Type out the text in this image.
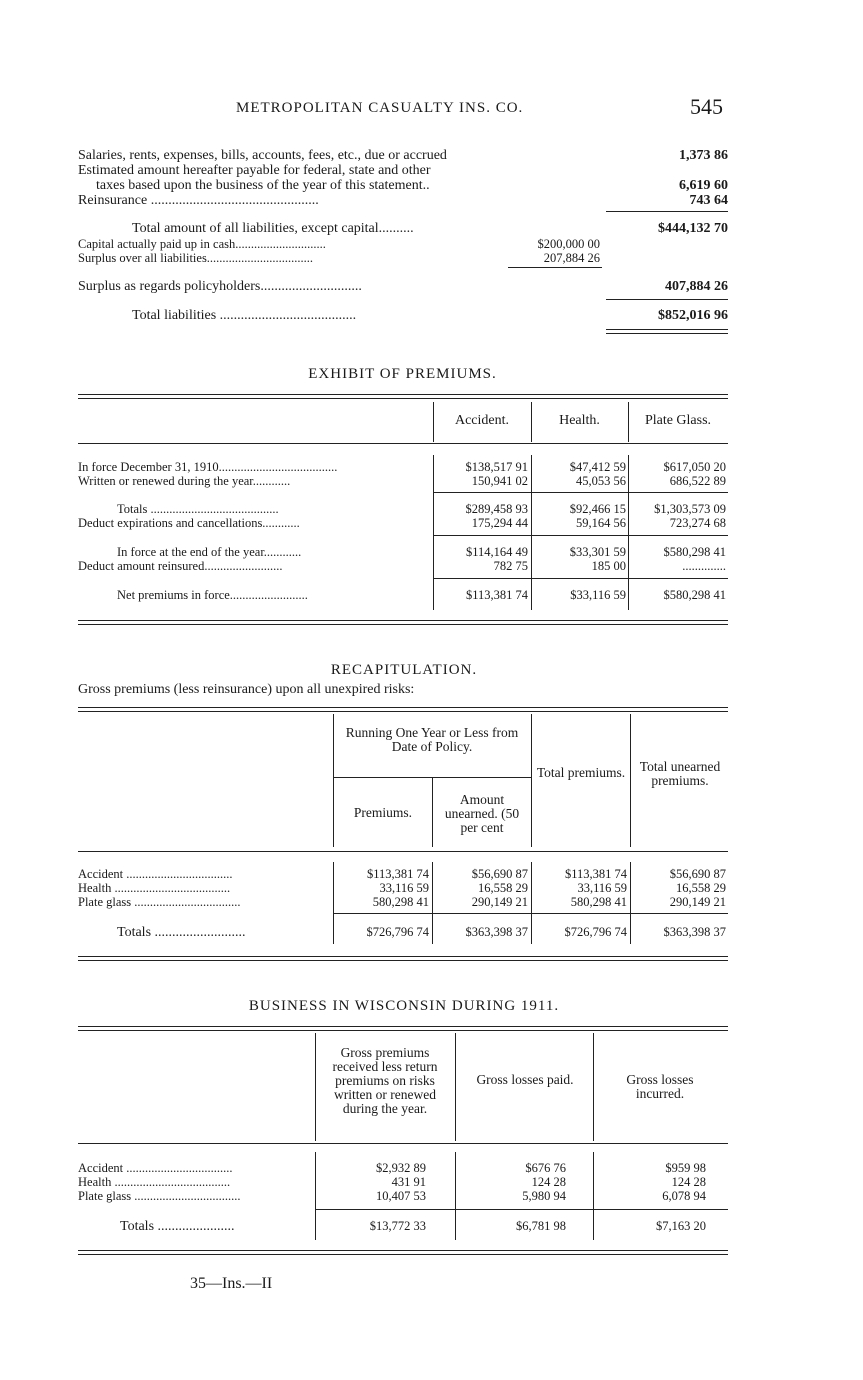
METROPOLITAN CASUALTY INS. CO.	545
Salaries, rents, expenses, bills, accounts, fees, etc., due or accrued	1,373 86
Estimated amount hereafter payable for federal, state and other
taxes based upon the business of the year of this statement..	6,619 60
Reinsurance ................................................	743 64
Total amount of all liabilities, except capital..........	$444,132 70
Capital actually paid up in cash.............................	$200,000 00
Surplus over all liabilities..................................	207,884 26
Surplus as regards policyholders.............................	407,884 26
Total liabilities .......................................	$852,016 96
EXHIBIT OF PREMIUMS.
Accident.	Health.	Plate Glass.
In force December 31, 1910......................................	$138,517 91	$47,412 59	$617,050 20
Written or renewed during the year............	150,941 02	45,053 56	686,522 89
Totals .........................................	$289,458 93	$92,466 15	$1,303,573 09
Deduct expirations and cancellations............	175,294 44	59,164 56	723,274 68
In force at the end of the year............	$114,164 49	$33,301 59	$580,298 41
Deduct amount reinsured.........................	782 75	185 00	..............
Net premiums in force.........................	$113,381 74	$33,116 59	$580,298 41
RECAPITULATION.
Gross premiums (less reinsurance) upon all unexpired risks:
Running One Year or Less from Date of Policy.
Premiums.
Amount unearned. (50 per cent
Total premiums.	Total unearned premiums.
Accident ..................................	$113,381 74	$56,690 87	$113,381 74	$56,690 87
Health .....................................	33,116 59	16,558 29	33,116 59	16,558 29
Plate glass ..................................	580,298 41	290,149 21	580,298 41	290,149 21
Totals ..........................	$726,796 74	$363,398 37	$726,796 74	$363,398 37
BUSINESS IN WISCONSIN DURING 1911.
Gross premiums received less return premiums on risks written or renewed during the year.
Gross losses paid.	Gross losses incurred.
Accident ..................................	$2,932 89	$676 76	$959 98
Health .....................................	431 91	124 28	124 28
Plate glass ..................................	10,407 53	5,980 94	6,078 94
Totals ......................	$13,772 33	$6,781 98	$7,163 20
35—Ins.—II
